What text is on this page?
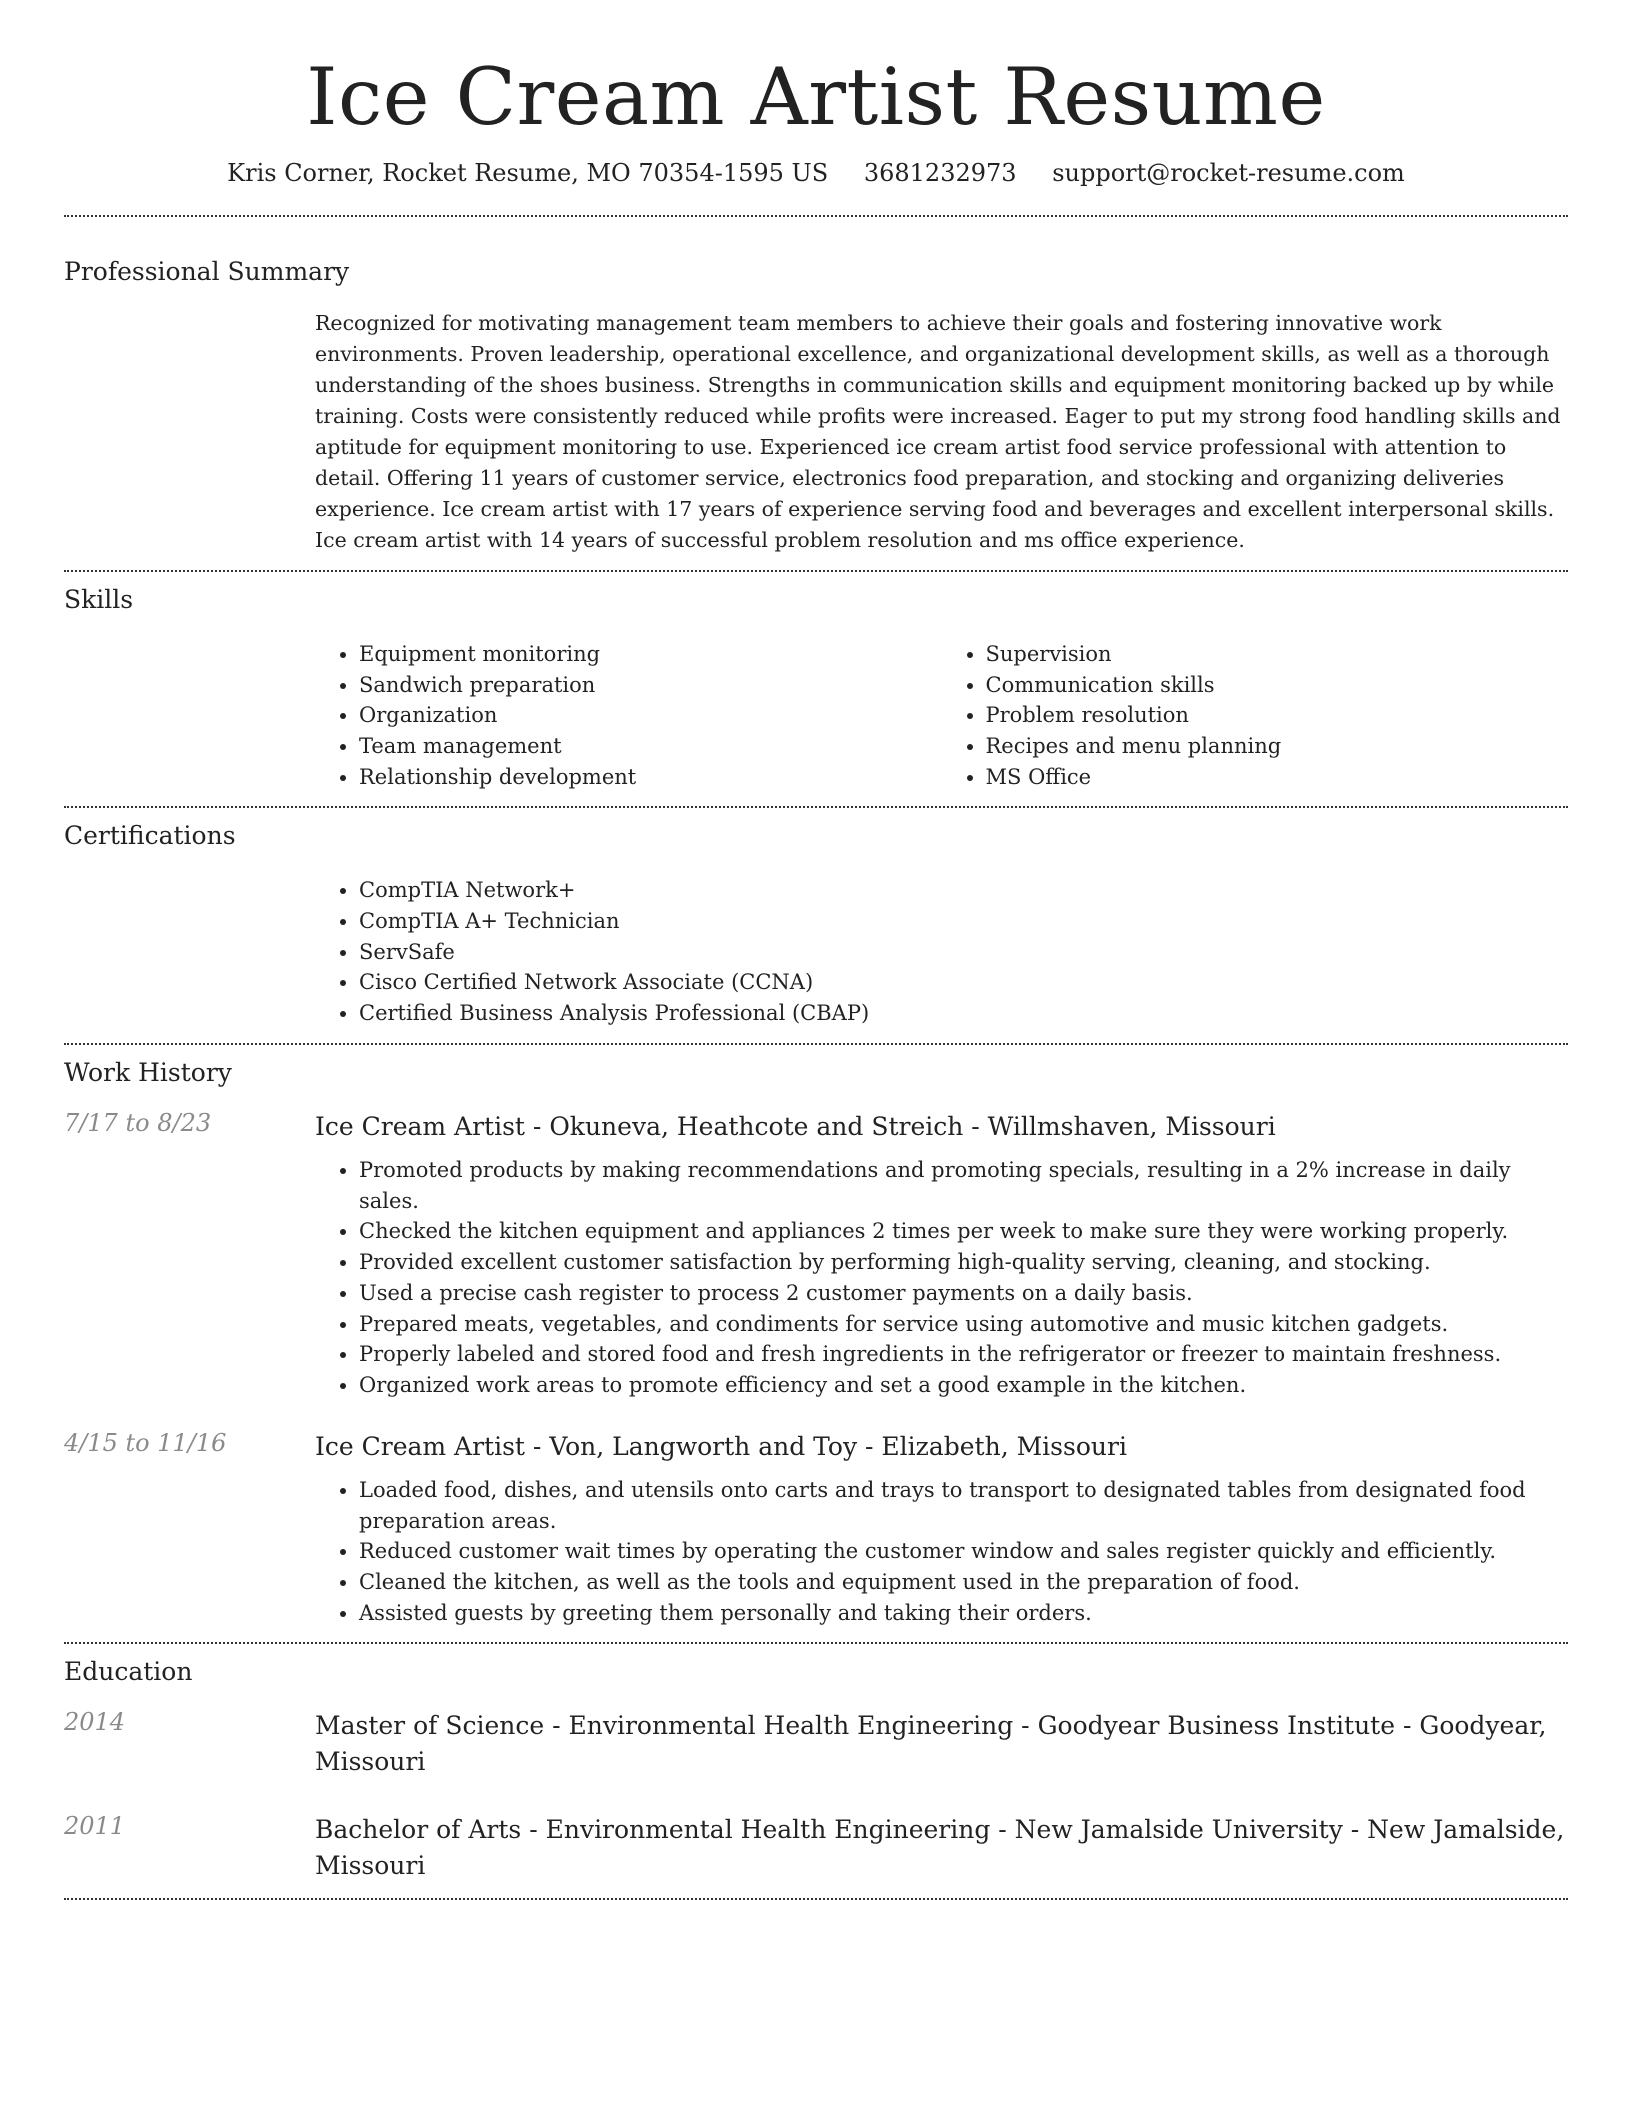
Ice Cream Artist Resume
Kris Corner, Rocket Resume, MO 70354-1595 US 3681232973 support@rocket-resume.com
Professional Summary

Recognized for motivating management team members to achieve their goals and fostering innovative work environments. Proven leadership, operational excellence, and organizational development skills, as well as a thorough understanding of the shoes business. Strengths in communication skills and equipment monitoring backed up by while training. Costs were consistently reduced while profits were increased. Eager to put my strong food handling skills and aptitude for equipment monitoring to use. Experienced ice cream artist food service professional with attention to detail. Offering 11 years of customer service, electronics food preparation, and stocking and organizing deliveries experience. Ice cream artist with 17 years of experience serving food and beverages and excellent interpersonal skills. Ice cream artist with 14 years of successful problem resolution and ms office experience.

Skills
• Equipment monitoring
• Sandwich preparation
• Organization
• Team management
• Relationship development
• Supervision
• Communication skills
• Problem resolution
• Recipes and menu planning
• MS Office
Certifications
• CompTIA Network+
• CompTIA A+ Technician
• ServSafe
• Cisco Certified Network Associate (CCNA)
• Certified Business Analysis Professional (CBAP)
Work History
7/17 to 8/23	Ice Cream Artist - Okuneva, Heathcote and Streich - Willmshaven, Missouri
• Promoted products by making recommendations and promoting specials, resulting in a 2% increase in daily sales.
• Checked the kitchen equipment and appliances 2 times per week to make sure they were working properly.
• Provided excellent customer satisfaction by performing high-quality serving, cleaning, and stocking.
• Used a precise cash register to process 2 customer payments on a daily basis.
• Prepared meats, vegetables, and condiments for service using automotive and music kitchen gadgets.
• Properly labeled and stored food and fresh ingredients in the refrigerator or freezer to maintain freshness.
• Organized work areas to promote efficiency and set a good example in the kitchen.
4/15 to 11/16	Ice Cream Artist - Von, Langworth and Toy - Elizabeth, Missouri
• Loaded food, dishes, and utensils onto carts and trays to transport to designated tables from designated food preparation areas.
• Reduced customer wait times by operating the customer window and sales register quickly and efficiently.
• Cleaned the kitchen, as well as the tools and equipment used in the preparation of food.
• Assisted guests by greeting them personally and taking their orders.
Education
2014	Master of Science - Environmental Health Engineering - Goodyear Business Institute - Goodyear, Missouri
2011	Bachelor of Arts - Environmental Health Engineering - New Jamalside University - New Jamalside, Missouri
